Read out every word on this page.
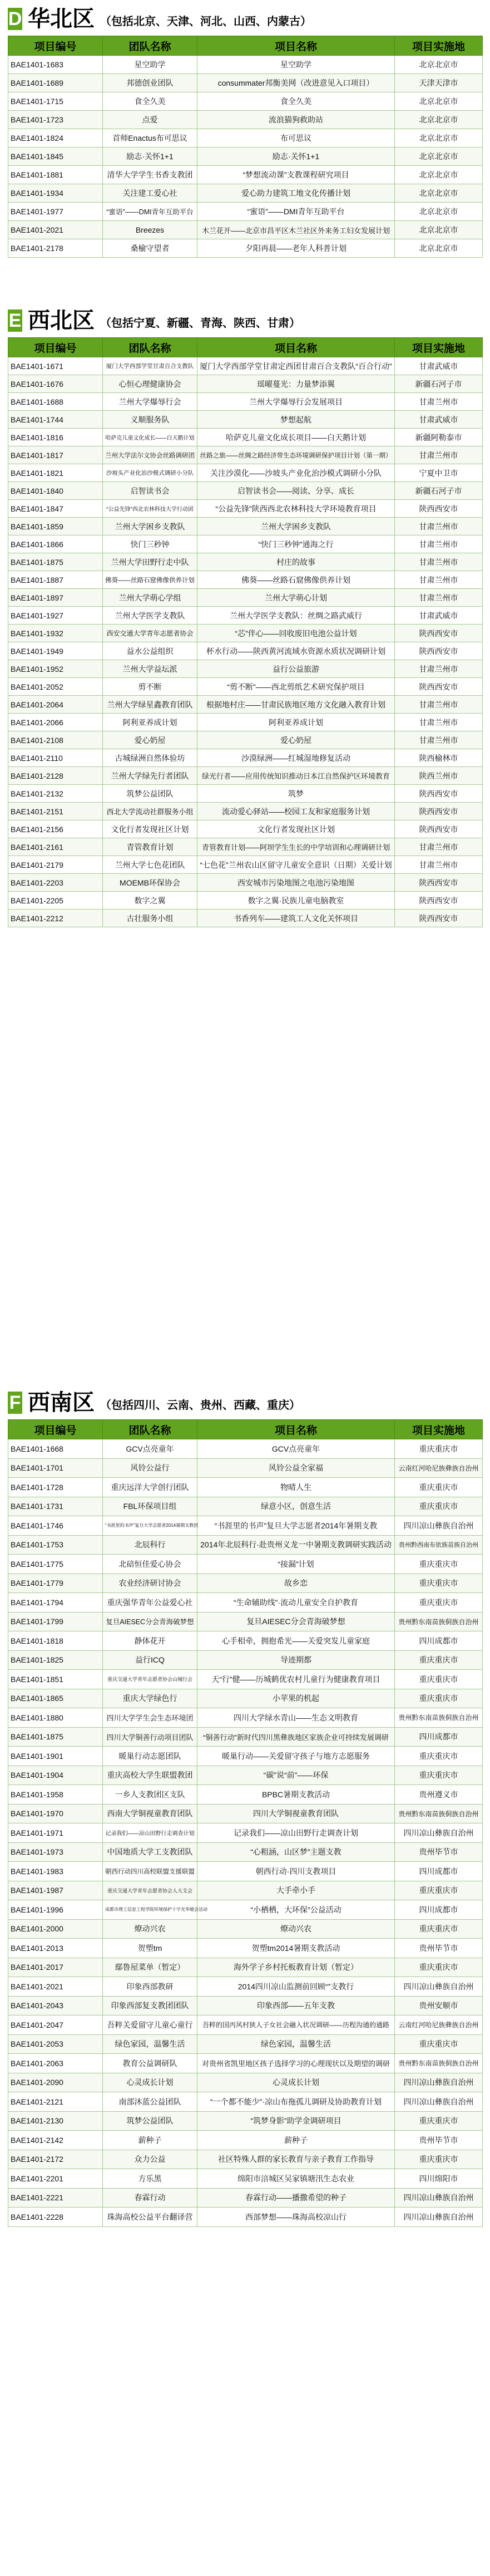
D 华北区 （包括北京、天津、河北、山西、内蒙古）
项目编号	团队名称	项目名称	项目实施地
BAE1401-1683	星空助学	星空助学	北京北京市
BAE1401-1689	邦德创业团队	consummater邦衡美网（改进意见入口项目）	天津天津市
BAE1401-1715	食全久美	食全久美	北京北京市
BAE1401-1723	点爱	流浪猫狗救助站	北京北京市
BAE1401-1824	首师Enactus布可思议	布可思议	北京北京市
BAE1401-1845	励志·关怀1+1	励志·关怀1+1	北京北京市
BAE1401-1881	清华大学学生书香支教团	“梦想流动课”支教课程研究项目	北京北京市
BAE1401-1934	关注建工爱心社	爱心助力建筑工地文化传播计划	北京北京市
BAE1401-1977	“蜜语”——DMI青年互助平台	“蜜语”——DMI青年互助平台	北京北京市
BAE1401-2021	Breezes	木兰花开——北京市昌平区木兰社区外来务工妇女发展计划	北京北京市
BAE1401-2178	桑榆守望者	夕阳再晨——老年人科普计划	北京北京市
E 西北区 （包括宁夏、新疆、青海、陕西、甘肃）
项目编号	团队名称	项目名称	项目实施地
BAE1401-1671	厦门大学西部学堂甘肃百合支教队	厦门大学西部学堂甘肃定西团甘肃百合支教队“百合行动”	甘肃武威市
BAE1401-1676	心恒心理健康协会	瑶曜蔓光：力量梦添翼	新疆石河子市
BAE1401-1688	兰州大学爆辱行会	兰州大学爆辱行会发展项目	甘肃兰州市
BAE1401-1744	义顺服务队	梦想起航	甘肃武威市
BAE1401-1816	哈萨克儿童文化成长——白天鹅计划	哈萨克儿童文化成长项目——白天鹅计划	新疆阿勒泰市
BAE1401-1817	兰州大学法尔文协会丝路调研团	丝路之旅——丝绸之路经济带生态环境调研保护项目计划（第一期）	甘肃兰州市
BAE1401-1821	沙坡头产业化治沙模式调研小分队	关注沙漠化——沙坡头产业化治沙模式调研小分队	宁夏中卫市
BAE1401-1840	启智读书会	启智读书会——阅读、分享、成长	新疆石河子市
BAE1401-1847	“公益先锋”西北农林科技大学行动团	“公益先锋”陕西西北农林科技大学环境教育项目	陕西西安市
BAE1401-1859	兰州大学困乡支教队	兰州大学困乡支教队	甘肃兰州市
BAE1401-1866	快门三秒钟	“快门三秒钟”通海之行	甘肃兰州市
BAE1401-1875	兰州大学田野行走中队	村庄的故事	甘肃兰州市
BAE1401-1887	佛葵——丝路石窟佛像供养计划	佛葵——丝路石窟佛像供养计划	甘肃兰州市
BAE1401-1897	兰州大学萌心学组	兰州大学萌心计划	甘肃兰州市
BAE1401-1927	兰州大学医学支教队	兰州大学医学支教队：丝绸之路武威行	甘肃武威市
BAE1401-1932	西安交通大学青年志愿者协会	“芯”伴心——回收废旧电池公益计划	陕西西安市
BAE1401-1949	益水公益组织	杯水行动——陕西黄河流域水资源水质状况调研计划	陕西西安市
BAE1401-1952	兰州大学益坛派	益行公益旅游	甘肃兰州市
BAE1401-2052	剪不断	“剪不断”——西北剪纸艺术研究保护项目	陕西西安市
BAE1401-2064	兰州大学绿星鑫教育团队	根据地村庄——甘肃民族地区地方文化融入教育计划	甘肃兰州市
BAE1401-2066	阿利亚养成计划	阿利亚养成计划	甘肃兰州市
BAE1401-2108	爱心奶屋	爱心奶屋	甘肃兰州市
BAE1401-2110	古城绿洲自然体验坊	沙漠绿洲——红城湿地修复活动	陕西榆林市
BAE1401-2128	兰州大学绿先行者团队	绿光行者——应用传统知识推动日本江自然保护区环境教育	陕西兰州市
BAE1401-2132	筑梦公益团队	筑梦	陕西西安市
BAE1401-2151	西北大学流动社群服务小组	流动爱心驿站——校园工友和家庭服务计划	陕西西安市
BAE1401-2156	文化行者发现社区计划	文化行者发现社区计划	陕西西安市
BAE1401-2161	青管教育计划	青管教育计划——阿坝学生生长的中学培训和心理调研计划	甘肃兰州市
BAE1401-2179	兰州大学七色花团队	“七色花”兰州农山区留守儿童安全意识（日期）关爱计划	甘肃兰州市
BAE1401-2203	MOEMB环保协会	西安城市污染地图之电池污染地图	陕西西安市
BAE1401-2205	数字之翼	数字之翼·民族儿童电脑教室	陕西西安市
BAE1401-2212	古壮服务小组	书香列车——建筑工人文化关怀项目	陕西西安市
F 西南区 （包括四川、云南、贵州、西藏、重庆）
项目编号	团队名称	项目名称	项目实施地
BAE1401-1668	GCV点亮童年	GCV点亮童年	重庆重庆市
BAE1401-1701	风铃公益行	风铃公益全家福	云南红河哈尼族彝族自治州
BAE1401-1728	重庆远洋大学创行团队	物晴人生	重庆重庆市
BAE1401-1731	FBL环保项目组	绿意小区，创意生活	重庆重庆市
BAE1401-1746	“书涯里的书声”复旦大学志愿者2014暑期支教团	“书涯里的书声”复旦大学志愿者2014年暑期支教	四川凉山彝族自治州
BAE1401-1753	北辰科行	2014年北辰科行·赴贵州义龙一中暑期支教调研实践活动	贵州黔西南布依族苗族自治州
BAE1401-1775	北碚恒佳爱心协会	“接漏”计划	重庆重庆市
BAE1401-1779	农业经济研讨协会	故乡恋	重庆重庆市
BAE1401-1794	重庆强华青年公益爱心社	“生命辅助线”·流动儿童安全自护教育	重庆重庆市
BAE1401-1799	复旦AIESEC分会青海破梦想	复旦AIESEC分会青海破梦想	贵州黔东南苗族侗族自治州
BAE1401-1818	静体花开	心手相牵，拥抱希光——关爱突发儿童家庭	四川成都市
BAE1401-1825	益行ICQ	导迹期都	重庆重庆市
BAE1401-1851	重庆交通大学青年志愿者协会山城行会	天“行”健——历城鹤优农村儿童行为健康教育项目	重庆重庆市
BAE1401-1865	重庆大学绿色行	小苹果的机起	重庆重庆市
BAE1401-1880	四川大学学生会生态环境团	四川大学绿水青山——生态文明教育	贵州黔东南苗族侗族自治州
BAE1401-1875	四川大学铜善行动项目团队	“铜善行动”新时代四川黑彝族地区家族企业可持续发展调研	四川成都市
BAE1401-1901	暖巢行动志愿团队	暖巢行动——关爱留守孩子与地方志愿服务	重庆重庆市
BAE1401-1904	重庆高校大学生联盟教团	“碳”说“前”——环保	重庆重庆市
BAE1401-1958	一乡人支教团区支队	BPBC暑期支教活动	贵州遵义市
BAE1401-1970	西南大学铜视童教育团队	四川大学铜视童教育团队	贵州黔东南苗族侗族自治州
BAE1401-1971	记录我们——凉山田野行走调查计划	记录我们——凉山田野行走调查计划	四川凉山彝族自治州
BAE1401-1973	中国地质大学工支教团队	“心粗涵，山区梦”主题支教	贵州毕节市
BAE1401-1983	朝西行动四川高校联盟支援联盟	朝西行动·四川支教项目	四川成都市
BAE1401-1987	重庆交通大学青年志愿者协会人大支会	大手牵小手	重庆重庆市
BAE1401-1996	成都市理工信息工程学院环境保护十字光华暖会活动	“小栖栖，大环保”公益活动	四川成都市
BAE1401-2000	燎动兴农	燎动兴农	重庆重庆市
BAE1401-2013	贺塑tm	贺塑tm2014暑期支教活动	贵州毕节市
BAE1401-2017	鄢鲁屋菜单（暂定）	海外学子乡村托板教育计划（暂定）	重庆重庆市
BAE1401-2021	印象西部教研	2014四川凉山监测前回顾“”支教行	四川凉山彝族自治州
BAE1401-2043	印象西部复支教团团队	印象西部——五年支教	贵州安顺市
BAE1401-2047	吾粹关爱留守儿童心童行	吾粹的国丙风村狭人子女社会融入状况调研——历程沟通的通路	云南红河哈尼族彝族自治州
BAE1401-2053	绿色家园，温馨生活	绿色家园，温馨生活	重庆重庆市
BAE1401-2063	教育公益调研队	对贵州省凯里地区孩子选择学习的心理现状以及期望的调研	贵州黔东南苗族侗族自治州
BAE1401-2090	心灵成长计划	心灵成长计划	四川凉山彝族自治州
BAE1401-2121	南部沐蓝公益团队	“一个都不能少”·凉山布拖孤儿调研及协助教育计划	四川凉山彝族自治州
BAE1401-2130	筑梦公益团队	“筑梦身影”助学金调研项目	重庆重庆市
BAE1401-2142	薪种子	薪种子	贵州毕节市
BAE1401-2172	众力公益	社区特殊人群的家长教育与亲子教育工作指导	重庆重庆市
BAE1401-2201	方乐黑	绵阳市涪城区吴家镇塘汛生态农业	四川绵阳市
BAE1401-2221	春霖行动	春霖行动——播撒希望的种子	四川凉山彝族自治州
BAE1401-2228	珠海高校公益平台翻译营	西部梦想——珠海高校凉山行	四川凉山彝族自治州
